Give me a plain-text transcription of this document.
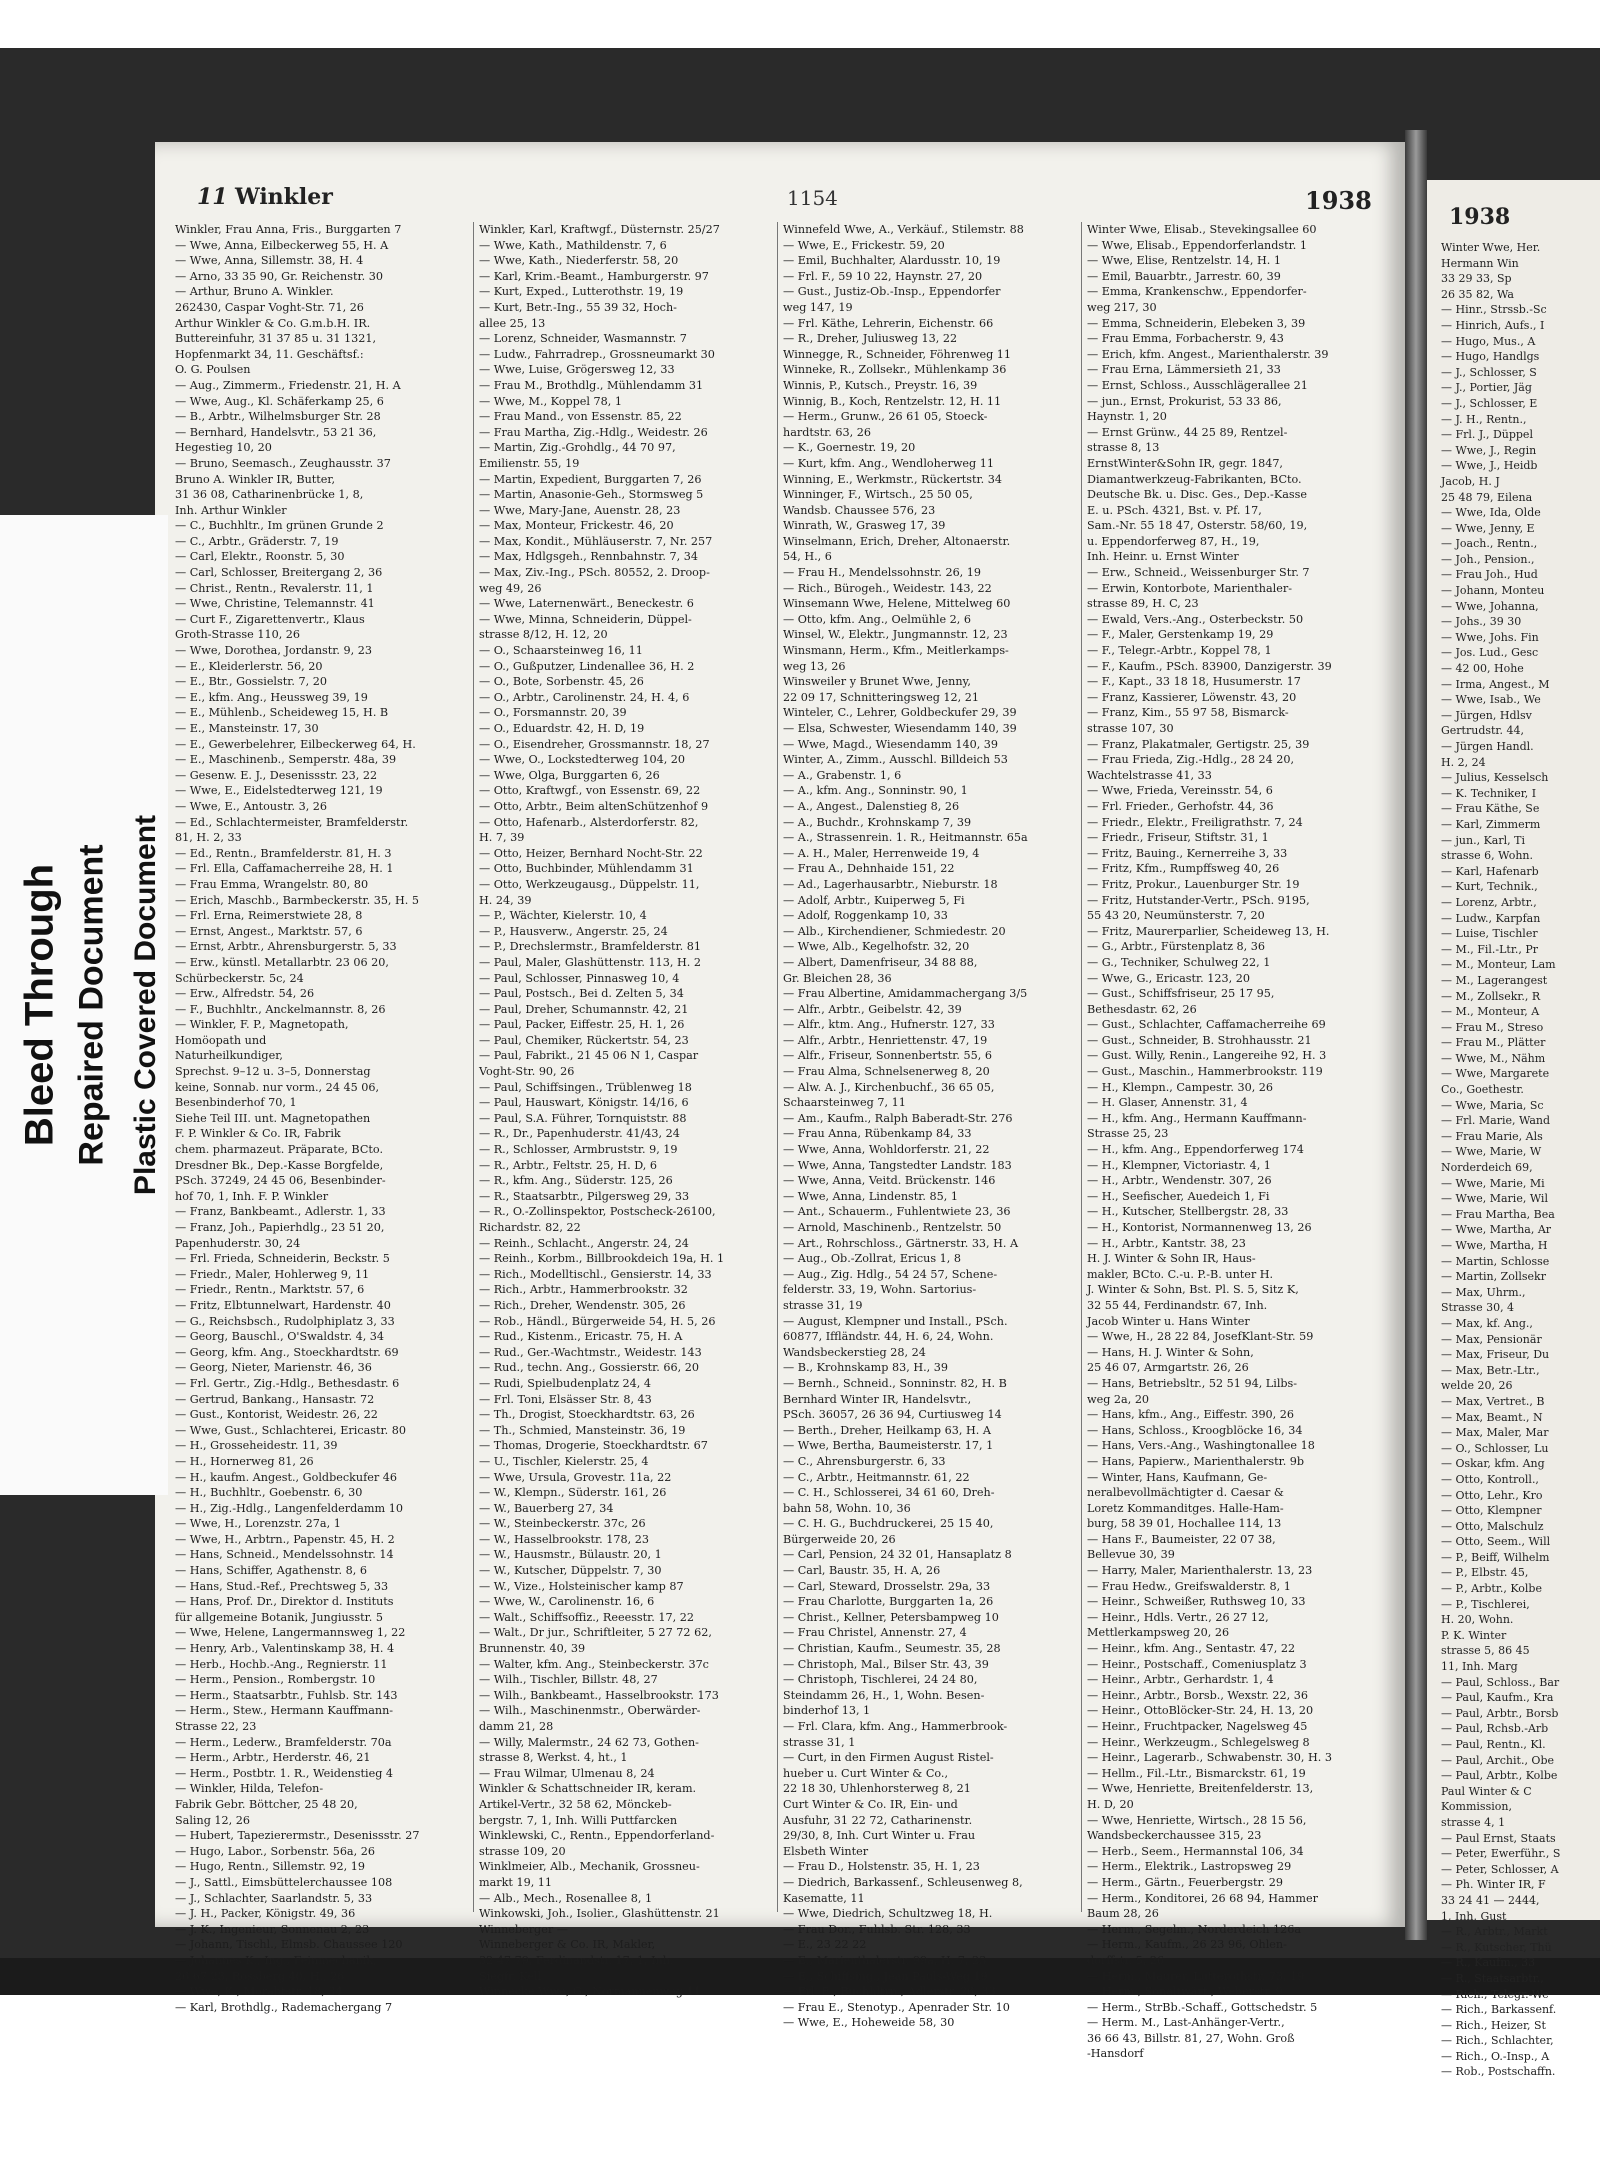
11 Winkler	1154	1938
Winkler, Frau Anna, Fris., Burggarten 7
— Wwe, Anna, Eilbeckerweg 55, H. A
— Wwe, Anna, Sillemstr. 38, H. 4
— Arno, 33 35 90, Gr. Reichenstr. 30
— Arthur, Bruno A. Winkler.
262430, Caspar Voght-Str. 71, 26
Arthur Winkler & Co. G.m.b.H. IR.
Buttereinfuhr, 31 37 85 u. 31 1321,
Hopfenmarkt 34, 11. Geschäftsf.:
O. G. Poulsen
— Aug., Zimmerm., Friedenstr. 21, H. A
— Wwe, Aug., Kl. Schäferkamp 25, 6
— B., Arbtr., Wilhelmsburger Str. 28
— Bernhard, Handelsvtr., 53 21 36,
Hegestieg 10, 20
— Bruno, Seemasch., Zeughausstr. 37
Bruno A. Winkler IR, Butter,
31 36 08, Catharinenbrücke 1, 8,
Inh. Arthur Winkler
— C., Buchhltr., Im grünen Grunde 2
— C., Arbtr., Gräderstr. 7, 19
— Carl, Elektr., Roonstr. 5, 30
— Carl, Schlosser, Breitergang 2, 36
— Christ., Rentn., Revalerstr. 11, 1
— Wwe, Christine, Telemannstr. 41
— Curt F., Zigarettenvertr., Klaus
Groth-Strasse 110, 26
— Wwe, Dorothea, Jordanstr. 9, 23
— E., Kleiderlerstr. 56, 20
— E., Btr., Gossielstr. 7, 20
— E., kfm. Ang., Heussweg 39, 19
— E., Mühlenb., Scheideweg 15, H. B
— E., Mansteinstr. 17, 30
— E., Gewerbelehrer, Eilbeckerweg 64, H.
— E., Maschinenb., Semperstr. 48a, 39
— Gesenw. E. J., Desenissstr. 23, 22
— Wwe, E., Eidelstedterweg 121, 19
— Wwe, E., Antoustr. 3, 26
— Ed., Schlachtermeister, Bramfelderstr.
81, H. 2, 33
— Ed., Rentn., Bramfelderstr. 81, H. 3
— Frl. Ella, Caffamacherreihe 28, H. 1
— Frau Emma, Wrangelstr. 80, 80
— Erich, Maschb., Barmbeckerstr. 35, H. 5
— Frl. Erna, Reimerstwiete 28, 8
— Ernst, Angest., Marktstr. 57, 6
— Ernst, Arbtr., Ahrensburgerstr. 5, 33
— Erw., künstl. Metallarbtr. 23 06 20,
Schürbeckerstr. 5c, 24
— Erw., Alfredstr. 54, 26
— F., Buchhltr., Anckelmannstr. 8, 26
— Winkler, F. P., Magnetopath,
Homöopath und
Naturheilkundiger,
Sprechst. 9–12 u. 3–5, Donnerstag
keine, Sonnab. nur vorm., 24 45 06,
Besenbinderhof 70, 1
Siehe Teil III. unt. Magnetopathen
F. P. Winkler & Co. IR, Fabrik
chem. pharmazeut. Präparate, BCto.
Dresdner Bk., Dep.-Kasse Borgfelde,
PSch. 37249, 24 45 06, Besenbinder-
hof 70, 1, Inh. F. P. Winkler
— Franz, Bankbeamt., Adlerstr. 1, 33
— Franz, Joh., Papierhdlg., 23 51 20,
Papenhuderstr. 30, 24
— Frl. Frieda, Schneiderin, Beckstr. 5
— Friedr., Maler, Hohlerweg 9, 11
— Friedr., Rentn., Marktstr. 57, 6
— Fritz, Elbtunnelwart, Hardenstr. 40
— G., Reichsbsch., Rudolphiplatz 3, 33
— Georg, Bauschl., O'Swaldstr. 4, 34
— Georg, kfm. Ang., Stoeckhardtstr. 69
— Georg, Nieter, Marienstr. 46, 36
— Frl. Gertr., Zig.-Hdlg., Bethesdastr. 6
— Gertrud, Bankang., Hansastr. 72
— Gust., Kontorist, Weidestr. 26, 22
— Wwe, Gust., Schlachterei, Ericastr. 80
— H., Grosseheidestr. 11, 39
— H., Hornerweg 81, 26
— H., kaufm. Angest., Goldbeckufer 46
— H., Buchhltr., Goebenstr. 6, 30
— H., Zig.-Hdlg., Langenfelderdamm 10
— Wwe, H., Lorenzstr. 27a, 1
— Wwe, H., Arbtrn., Papenstr. 45, H. 2
— Hans, Schneid., Mendelssohnstr. 14
— Hans, Schiffer, Agathenstr. 8, 6
— Hans, Stud.-Ref., Prechtsweg 5, 33
— Hans, Prof. Dr., Direktor d. Instituts
für allgemeine Botanik, Jungiusstr. 5
— Wwe, Helene, Langermannsweg 1, 22
— Henry, Arb., Valentinskamp 38, H. 4
— Herb., Hochb.-Ang., Regnierstr. 11
— Herm., Pension., Rombergstr. 10
— Herm., Staatsarbtr., Fuhlsb. Str. 143
— Herm., Stew., Hermann Kauffmann-
Strasse 22, 23
— Herm., Lederw., Bramfelderstr. 70a
— Herm., Arbtr., Herderstr. 46, 21
— Herm., Postbtr. 1. R., Weidenstieg 4
— Winkler, Hilda, Telefon-
Fabrik Gebr. Böttcher, 25 48 20,
Saling 12, 26
— Hubert, Tapezierermstr., Desenissstr. 27
— Hugo, Labor., Sorbenstr. 56a, 26
— Hugo, Rentn., Sillemstr. 92, 19
— J., Sattl., Eimsbüttelerchaussee 108
— J., Schlachter, Saarlandstr. 5, 33
— J. H., Packer, Königstr. 49, 36
— J. K., Ingenieur, Sonnenau 2, 23
— Johann, Tischl., Elmsb. Chaussee 120
— Johannes K., Ing., Feinmechanik,
26 67 23, Rossberg 40, H., 26
— Wwe, K., Morahtstr. 18, 34
— Karl, Brothdlg., Rademachergang 7
Winkler, Karl, Kraftwgf., Düsternstr. 25/27
— Wwe, Kath., Mathildenstr. 7, 6
— Wwe, Kath., Niederferstr. 58, 20
— Karl, Krim.-Beamt., Hamburgerstr. 97
— Kurt, Exped., Lutterothstr. 19, 19
— Kurt, Betr.-Ing., 55 39 32, Hoch-
allee 25, 13
— Lorenz, Schneider, Wasmannstr. 7
— Ludw., Fahrradrep., Grossneumarkt 30
— Wwe, Luise, Grögersweg 12, 33
— Frau M., Brothdlg., Mühlendamm 31
— Wwe, M., Koppel 78, 1
— Frau Mand., von Essenstr. 85, 22
— Frau Martha, Zig.-Hdlg., Weidestr. 26
— Martin, Zig.-Grohdlg., 44 70 97,
Emilienstr. 55, 19
— Martin, Expedient, Burggarten 7, 26
— Martin, Anasonie-Geh., Stormsweg 5
— Wwe, Mary-Jane, Auenstr. 28, 23
— Max, Monteur, Frickestr. 46, 20
— Max, Kondit., Mühläuserstr. 7, Nr. 257
— Max, Hdlgsgeh., Rennbahnstr. 7, 34
— Max, Ziv.-Ing., PSch. 80552, 2. Droop-
weg 49, 26
— Wwe, Laternenwärt., Beneckestr. 6
— Wwe, Minna, Schneiderin, Düppel-
strasse 8/12, H. 12, 20
— O., Schaarsteinweg 16, 11
— O., Gußputzer, Lindenallee 36, H. 2
— O., Bote, Sorbenstr. 45, 26
— O., Arbtr., Carolinenstr. 24, H. 4, 6
— O., Forsmannstr. 20, 39
— O., Eduardstr. 42, H. D, 19
— O., Eisendreher, Grossmannstr. 18, 27
— Wwe, O., Lockstedterweg 104, 20
— Wwe, Olga, Burggarten 6, 26
— Otto, Kraftwgf., von Essenstr. 69, 22
— Otto, Arbtr., Beim altenSchützenhof 9
— Otto, Hafenarb., Alsterdorferstr. 82,
H. 7, 39
— Otto, Heizer, Bernhard Nocht-Str. 22
— Otto, Buchbinder, Mühlendamm 31
— Otto, Werkzeugausg., Düppelstr. 11,
H. 24, 39
— P., Wächter, Kielerstr. 10, 4
— P., Hausverw., Angerstr. 25, 24
— P., Drechslermstr., Bramfelderstr. 81
— Paul, Maler, Glashüttenstr. 113, H. 2
— Paul, Schlosser, Pinnasweg 10, 4
— Paul, Postsch., Bei d. Zelten 5, 34
— Paul, Dreher, Schumannstr. 42, 21
— Paul, Packer, Eiffestr. 25, H. 1, 26
— Paul, Chemiker, Rückertstr. 54, 23
— Paul, Fabrikt., 21 45 06 N 1, Caspar
Voght-Str. 90, 26
— Paul, Schiffsingen., Trüblenweg 18
— Paul, Hauswart, Königstr. 14/16, 6
— Paul, S.A. Führer, Tornquiststr. 88
— R., Dr., Papenhuderstr. 41/43, 24
— R., Schlosser, Armbruststr. 9, 19
— R., Arbtr., Feltstr. 25, H. D, 6
— R., kfm. Ang., Süderstr. 125, 26
— R., Staatsarbtr., Pilgersweg 29, 33
— R., O.-Zollinspektor, Postscheck-26100,
Richardstr. 82, 22
— Reinh., Schlacht., Angerstr. 24, 24
— Reinh., Korbm., Billbrookdeich 19a, H. 1
— Rich., Modelltischl., Gensierstr. 14, 33
— Rich., Arbtr., Hammerbrookstr. 32
— Rich., Dreher, Wendenstr. 305, 26
— Rob., Händl., Bürgerweide 54, H. 5, 26
— Rud., Kistenm., Ericastr. 75, H. A
— Rud., Ger.-Wachtmstr., Weidestr. 143
— Rud., techn. Ang., Gossierstr. 66, 20
— Rudi, Spielbudenplatz 24, 4
— Frl. Toni, Elsässer Str. 8, 43
— Th., Drogist, Stoeckhardtstr. 63, 26
— Th., Schmied, Mansteinstr. 36, 19
— Thomas, Drogerie, Stoeckhardtstr. 67
— U., Tischler, Kielerstr. 25, 4
— Wwe, Ursula, Grovestr. 11a, 22
— W., Klempn., Süderstr. 161, 26
— W., Bauerberg 27, 34
— W., Steinbeckerstr. 37c, 26
— W., Hasselbrookstr. 178, 23
— W., Hausmstr., Bülaustr. 20, 1
— W., Kutscher, Düppelstr. 7, 30
— W., Vize., Holsteinischer kamp 87
— Wwe, W., Carolinenstr. 16, 6
— Walt., Schiffsoffiz., Reeesstr. 17, 22
— Walt., Dr jur., Schriftleiter, 5 27 72 62,
Brunnenstr. 40, 39
— Walter, kfm. Ang., Steinbeckerstr. 37c
— Wilh., Tischler, Billstr. 48, 27
— Wilh., Bankbeamt., Hasselbrookstr. 173
— Wilh., Maschinenmstr., Oberwärder-
damm 21, 28
— Willy, Malermstr., 24 62 73, Gothen-
strasse 8, Werkst. 4, ht., 1
— Frau Wilmar, Ulmenau 8, 24
Winkler & Schattschneider IR, keram.
Artikel-Vertr., 32 58 62, Mönckeb-
bergstr. 7, 1, Inh. Willi Puttfarcken
Winklewski, C., Rentn., Eppendorferland-
strasse 109, 20
Winklmeier, Alb., Mechanik, Grossneu-
markt 19, 11
— Alb., Mech., Rosenallee 8, 1
Winkowski, Joh., Isolier., Glashüttenstr. 21
Winneberger —
Winneberger & Co. IR, Makler,
32 47 79, Ferdinandstr. 17, 1, Inh.
Siegfr. Kell
Winnecke Wwe, G., Normannenweg 11
Winnefeld Wwe, A., Verkäuf., Stilemstr. 88
— Wwe, E., Frickestr. 59, 20
— Emil, Buchhalter, Alardusstr. 10, 19
— Frl. F., 59 10 22, Haynstr. 27, 20
— Gust., Justiz-Ob.-Insp., Eppendorfer
weg 147, 19
— Frl. Käthe, Lehrerin, Eichenstr. 66
— R., Dreher, Juliusweg 13, 22
Winnegge, R., Schneider, Föhrenweg 11
Winneke, R., Zollsekr., Mühlenkamp 36
Winnis, P., Kutsch., Preystr. 16, 39
Winnig, B., Koch, Rentzelstr. 12, H. 11
— Herm., Grunw., 26 61 05, Stoeck-
hardtstr. 63, 26
— K., Goernestr. 19, 20
— Kurt, kfm. Ang., Wendloherweg 11
Winning, E., Werkmstr., Rückertstr. 34
Winninger, F., Wirtsch., 25 50 05,
Wandsb. Chaussee 576, 23
Winrath, W., Grasweg 17, 39
Winselmann, Erich, Dreher, Altonaerstr.
54, H., 6
— Frau H., Mendelssohnstr. 26, 19
— Rich., Bürogeh., Weidestr. 143, 22
Winsemann Wwe, Helene, Mittelweg 60
— Otto, kfm. Ang., Oelmühle 2, 6
Winsel, W., Elektr., Jungmannstr. 12, 23
Winsmann, Herm., Kfm., Meitlerkamps-
weg 13, 26
Winsweiler y Brunet Wwe, Jenny,
22 09 17, Schnitteringsweg 12, 21
Winteler, C., Lehrer, Goldbeckufer 29, 39
— Elsa, Schwester, Wiesendamm 140, 39
— Wwe, Magd., Wiesendamm 140, 39
Winter, A., Zimm., Ausschl. Billdeich 53
— A., Grabenstr. 1, 6
— A., kfm. Ang., Sonninstr. 90, 1
— A., Angest., Dalenstieg 8, 26
— A., Buchdr., Krohnskamp 7, 39
— A., Strassenrein. 1. R., Heitmannstr. 65a
— A. H., Maler, Herrenweide 19, 4
— Frau A., Dehnhaide 151, 22
— Ad., Lagerhausarbtr., Nieburstr. 18
— Adolf, Arbtr., Kuiperweg 5, Fi
— Adolf, Roggenkamp 10, 33
— Alb., Kirchendiener, Schmiedestr. 20
— Wwe, Alb., Kegelhofstr. 32, 20
— Albert, Damenfriseur, 34 88 88,
Gr. Bleichen 28, 36
— Frau Albertine, Amidammachergang 3/5
— Alfr., Arbtr., Geibelstr. 42, 39
— Alfr., ktm. Ang., Hufnerstr. 127, 33
— Alfr., Arbtr., Henriettenstr. 47, 19
— Alfr., Friseur, Sonnenbertstr. 55, 6
— Frau Alma, Schnelsenerweg 8, 20
— Alw. A. J., Kirchenbuchf., 36 65 05,
Schaarsteinweg 7, 11
— Am., Kaufm., Ralph Baberadt-Str. 276
— Frau Anna, Rübenkamp 84, 33
— Wwe, Anna, Wohldorferstr. 21, 22
— Wwe, Anna, Tangstedter Landstr. 183
— Wwe, Anna, Veitd. Brückenstr. 146
— Wwe, Anna, Lindenstr. 85, 1
— Ant., Schauerm., Fuhlentwiete 23, 36
— Arnold, Maschinenb., Rentzelstr. 50
— Art., Rohrschloss., Gärtnerstr. 33, H. A
— Aug., Ob.-Zollrat, Ericus 1, 8
— Aug., Zig. Hdlg., 54 24 57, Schene-
felderstr. 33, 19, Wohn. Sartorius-
strasse 31, 19
— August, Klempner und Install., PSch.
60877, Iffländstr. 44, H. 6, 24, Wohn.
Wandsbeckerstieg 28, 24
— B., Krohnskamp 83, H., 39
— Bernh., Schneid., Sonninstr. 82, H. B
Bernhard Winter IR, Handelsvtr.,
PSch. 36057, 26 36 94, Curtiusweg 14
— Berth., Dreher, Heilkamp 63, H. A
— Wwe, Bertha, Baumeisterstr. 17, 1
— C., Ahrensburgerstr. 6, 33
— C., Arbtr., Heitmannstr. 61, 22
— C. H., Schlosserei, 34 61 60, Dreh-
bahn 58, Wohn. 10, 36
— C. H. G., Buchdruckerei, 25 15 40,
Bürgerweide 20, 26
— Carl, Pension, 24 32 01, Hansaplatz 8
— Carl, Baustr. 35, H. A, 26
— Carl, Steward, Drosselstr. 29a, 33
— Frau Charlotte, Burggarten 1a, 26
— Christ., Kellner, Petersbampweg 10
— Frau Christel, Annenstr. 27, 4
— Christian, Kaufm., Seumestr. 35, 28
— Christoph, Mal., Bilser Str. 43, 39
— Christoph, Tischlerei, 24 24 80,
Steindamm 26, H., 1, Wohn. Besen-
binderhof 13, 1
— Frl. Clara, kfm. Ang., Hammerbrook-
strasse 31, 1
— Curt, in den Firmen August Ristel-
hueber u. Curt Winter & Co.,
22 18 30, Uhlenhorsterweg 8, 21
Curt Winter & Co. IR, Ein- und
Ausfuhr, 31 22 72, Catharinenstr.
29/30, 8, Inh. Curt Winter u. Frau
Elsbeth Winter
— Frau D., Holstenstr. 35, H. 1, 23
— Diedrich, Barkassenf., Schleusenweg 8,
Kasematte, 11
— Wwe, Diedrich, Schultzweg 18, H.
— Frau Dor., Fuhlsb. Str. 128, 33
— E., 23 22 22
— E., Marienthalerstr. 99a, H. 7, 23
— E., Schiffsing., Jean Pauls-Weg 19
— Frl. E., Buchhltrn., Adlerstr. 26, 33
— Frau E., Stenotyp., Apenrader Str. 10
— Wwe, E., Hoheweide 58, 30
Winter Wwe, Elisab., Stevekingsallee 60
— Wwe, Elisab., Eppendorferlandstr. 1
— Wwe, Elise, Rentzelstr. 14, H. 1
— Emil, Bauarbtr., Jarrestr. 60, 39
— Emma, Krankenschw., Eppendorfer-
weg 217, 30
— Emma, Schneiderin, Elebeken 3, 39
— Frau Emma, Forbacherstr. 9, 43
— Erich, kfm. Angest., Marienthalerstr. 39
— Frau Erna, Lämmersieth 21, 33
— Ernst, Schloss., Ausschlägerallee 21
— jun., Ernst, Prokurist, 53 33 86,
Haynstr. 1, 20
— Ernst Grünw., 44 25 89, Rentzel-
strasse 8, 13
ErnstWinter&Sohn IR, gegr. 1847,
Diamantwerkzeug-Fabrikanten, BCto.
Deutsche Bk. u. Disc. Ges., Dep.-Kasse
E. u. PSch. 4321, Bst. v. Pf. 17,
Sam.-Nr. 55 18 47, Osterstr. 58/60, 19,
u. Eppendorferweg 87, H., 19,
Inh. Heinr. u. Ernst Winter
— Erw., Schneid., Weissenburger Str. 7
— Erwin, Kontorbote, Marienthaler-
strasse 89, H. C, 23
— Ewald, Vers.-Ang., Osterbeckstr. 50
— F., Maler, Gerstenkamp 19, 29
— F., Telegr.-Arbtr., Koppel 78, 1
— F., Kaufm., PSch. 83900, Danzigerstr. 39
— F., Kapt., 33 18 18, Husumerstr. 17
— Franz, Kassierer, Löwenstr. 43, 20
— Franz, Kim., 55 97 58, Bismarck-
strasse 107, 30
— Franz, Plakatmaler, Gertigstr. 25, 39
— Frau Frieda, Zig.-Hdlg., 28 24 20,
Wachtelstrasse 41, 33
— Wwe, Frieda, Vereinsstr. 54, 6
— Frl. Frieder., Gerhofstr. 44, 36
— Friedr., Elektr., Freiligrathstr. 7, 24
— Friedr., Friseur, Stiftstr. 31, 1
— Fritz, Bauing., Kernerreihe 3, 33
— Fritz, Kfm., Rumpffsweg 40, 26
— Fritz, Prokur., Lauenburger Str. 19
— Fritz, Hutstander-Vertr., PSch. 9195,
55 43 20, Neumünsterstr. 7, 20
— Fritz, Maurerparlier, Scheideweg 13, H.
— G., Arbtr., Fürstenplatz 8, 36
— G., Techniker, Schulweg 22, 1
— Wwe, G., Ericastr. 123, 20
— Gust., Schiffsfriseur, 25 17 95,
Bethesdastr. 62, 26
— Gust., Schlachter, Caffamacherreihe 69
— Gust., Schneider, B. Strohhausstr. 21
— Gust. Willy, Renin., Langereihe 92, H. 3
— Gust., Maschin., Hammerbrookstr. 119
— H., Klempn., Campestr. 30, 26
— H. Glaser, Annenstr. 31, 4
— H., kfm. Ang., Hermann Kauffmann-
Strasse 25, 23
— H., kfm. Ang., Eppendorferweg 174
— H., Klempner, Victoriastr. 4, 1
— H., Arbtr., Wendenstr. 307, 26
— H., Seefischer, Auedeich 1, Fi
— H., Kutscher, Stellbergstr. 28, 33
— H., Kontorist, Normannenweg 13, 26
— H., Arbtr., Kantstr. 38, 23
H. J. Winter & Sohn IR, Haus-
makler, BCto. C.-u. P.-B. unter H.
J. Winter & Sohn, Bst. Pl. S. 5, Sitz K,
32 55 44, Ferdinandstr. 67, Inh.
Jacob Winter u. Hans Winter
— Wwe, H., 28 22 84, JosefKlant-Str. 59
— Hans, H. J. Winter & Sohn,
25 46 07, Armgartstr. 26, 26
— Hans, Betriebsltr., 52 51 94, Lilbs-
weg 2a, 20
— Hans, kfm., Ang., Eiffestr. 390, 26
— Hans, Schloss., Kroogblöcke 16, 34
— Hans, Vers.-Ang., Washingtonallee 18
— Hans, Papierw., Marienthalerstr. 9b
— Winter, Hans, Kaufmann, Ge-
neralbevollmächtigter d. Caesar &
Loretz Kommanditges. Halle-Ham-
burg, 58 39 01, Hochallee 114, 13
— Hans F., Baumeister, 22 07 38,
Bellevue 30, 39
— Harry, Maler, Marienthalerstr. 13, 23
— Frau Hedw., Greifswalderstr. 8, 1
— Heinr., Schweißer, Ruthsweg 10, 33
— Heinr., Hdls. Vertr., 26 27 12,
Mettlerkampsweg 20, 26
— Heinr., kfm. Ang., Sentastr. 47, 22
— Heinr., Postschaff., Comeniusplatz 3
— Heinr., Arbtr., Gerhardstr. 1, 4
— Heinr., Arbtr., Borsb., Wexstr. 22, 36
— Heinr., OttoBlöcker-Str. 24, H. 13, 20
— Heinr., Fruchtpacker, Nagelsweg 45
— Heinr., Werkzeugm., Schlegelsweg 8
— Heinr., Lagerarb., Schwabenstr. 30, H. 3
— Hellm., Fil.-Ltr., Bismarckstr. 61, 19
— Wwe, Henriette, Breitenfelderstr. 13,
H. D, 20
— Wwe, Henriette, Wirtsch., 28 15 56,
Wandsbeckerchaussee 315, 23
— Herb., Seem., Hermannstal 106, 34
— Herm., Elektrik., Lastropsweg 29
— Herm., Gärtn., Feuerbergstr. 29
— Herm., Konditorei, 26 68 94, Hammer
Baum 28, 26
— Herm., Segelm., Norderdeich 126a
— Herm., Kaufm., 26 23 96, Ohlen-
dorffstr. 5, 26
— Herm., Maurer, Lutterothstr. 73, 19
— Herm., Sonaltwärt., Weberstr. 9
— Herm., StrBb.-Schaff., Gottschedstr. 5
— Herm. M., Last-Anhänger-Vertr.,
36 66 43, Billstr. 81, 27, Wohn. Groß
-Hansdorf
1938
Winter Wwe, Her.
Hermann Win
33 29 33, Sp
26 35 82, Wa
— Hinr., Strssb.-Sc
— Hinrich, Aufs., I
— Hugo, Mus., A
— Hugo, Handlgs
— J., Schlosser, S
— J., Portier, Jäg
— J., Schlosser, E
— J. H., Rentn.,
— Frl. J., Düppel
— Wwe, J., Regin
— Wwe, J., Heidb
Jacob, H. J
25 48 79, Eilena
— Wwe, Ida, Olde
— Wwe, Jenny, E
— Joach., Rentn.,
— Joh., Pension.,
— Frau Joh., Hud
— Johann, Monteu
— Wwe, Johanna,
— Johs., 39 30
— Wwe, Johs. Fin
— Jos. Lud., Gesc
— 42 00, Hohe
— Irma, Angest., M
— Wwe, Isab., We
— Jürgen, Hdlsv
Gertrudstr. 44,
— Jürgen Handl.
H. 2, 24
— Julius, Kesselsch
— K. Techniker, I
— Frau Käthe, Se
— Karl, Zimmerm
— jun., Karl, Ti
strasse 6, Wohn.
— Karl, Hafenarb
— Kurt, Technik.,
— Lorenz, Arbtr.,
— Ludw., Karpfan
— Luise, Tischler
— M., Fil.-Ltr., Pr
— M., Monteur, Lam
— M., Lagerangest
— M., Zollsekr., R
— M., Monteur, A
— Frau M., Streso
— Frau M., Plätter
— Wwe, M., Nähm
— Wwe, Margarete
Co., Goethestr.
— Wwe, Maria, Sc
— Frl. Marie, Wand
— Frau Marie, Als
— Wwe, Marie, W
Norderdeich 69,
— Wwe, Marie, Mi
— Wwe, Marie, Wil
— Frau Martha, Bea
— Wwe, Martha, Ar
— Wwe, Martha, H
— Martin, Schlosse
— Martin, Zollsekr
— Max, Uhrm.,
Strasse 30, 4
— Max, kf. Ang.,
— Max, Pensionär
— Max, Friseur, Du
— Max, Betr.-Ltr.,
welde 20, 26
— Max, Vertret., B
— Max, Beamt., N
— Max, Maler, Mar
— O., Schlosser, Lu
— Oskar, kfm. Ang
— Otto, Kontroll.,
— Otto, Lehr., Kro
— Otto, Klempner
— Otto, Malschulz
— Otto, Seem., Will
— P., Beiff, Wilhelm
— P., Elbstr. 45,
— P., Arbtr., Kolbe
— P., Tischlerei,
H. 20, Wohn.
P. K. Winter
strasse 5, 86 45
11, Inh. Marg
— Paul, Schloss., Bar
— Paul, Kaufm., Kra
— Paul, Arbtr., Borsb
— Paul, Rchsb.-Arb
— Paul, Rentn., Kl.
— Paul, Archit., Obe
— Paul, Arbtr., Kolbe
Paul Winter & C
Kommission,
strasse 4, 1
— Paul Ernst, Staats
— Peter, Ewerführ., S
— Peter, Schlosser, A
— Ph. Winter IR, F
33 24 41 — 2444,
1, Inh. Gust
— R., Arbtr., Markt
— R., Kutscher, Thü
— R., Kaufm., 33
— R., Staatsarbtr.,
— Rich., Telegr.-We
— Rich., Barkassenf.
— Rich., Heizer, St
— Rich., Schlachter,
— Rich., O.-Insp., A
— Rob., Postschaffn.
Bleed Through Repaired Document Plastic Covered Document
